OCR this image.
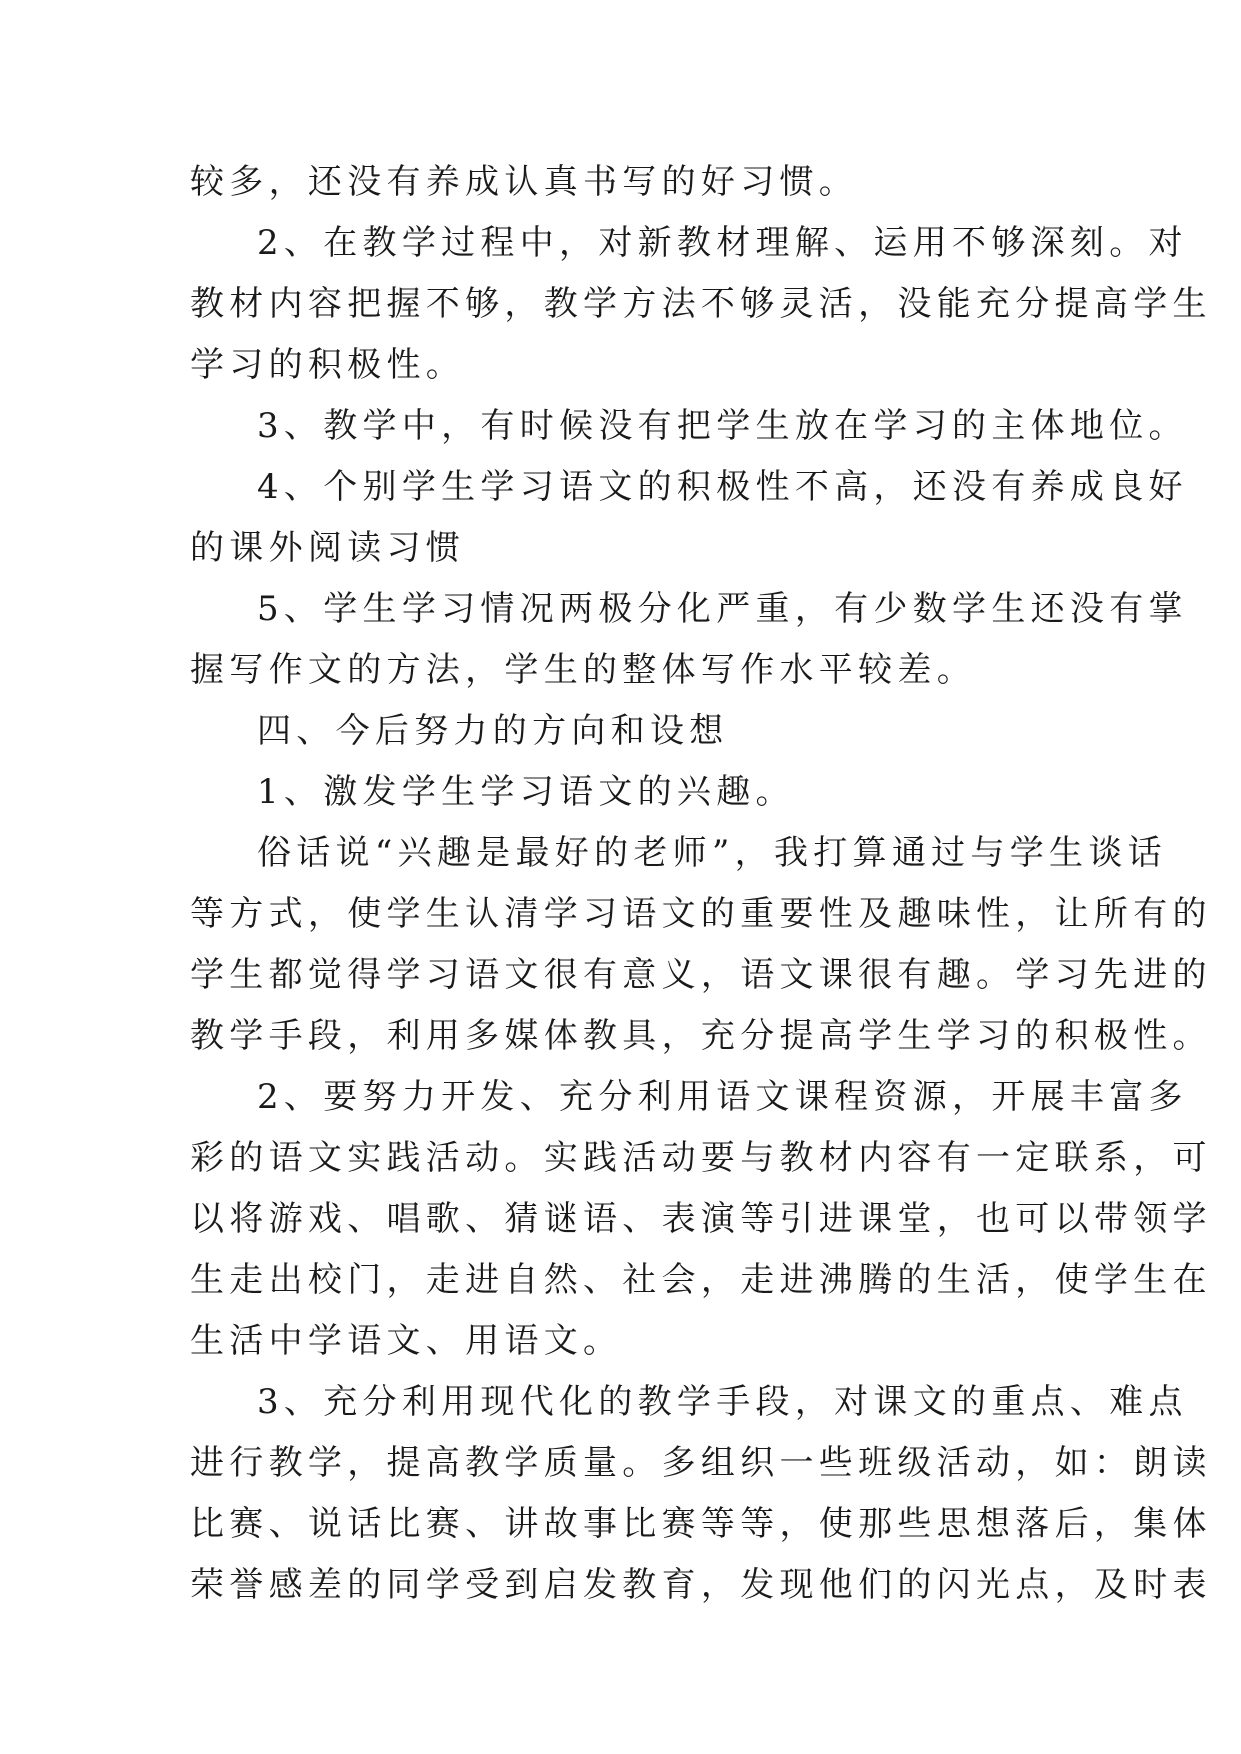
较多，还没有养成认真书写的好习惯。

2、在教学过程中，对新教材理解、运用不够深刻。对

教材内容把握不够，教学方法不够灵活，没能充分提高学生

学习的积极性。

3、教学中，有时候没有把学生放在学习的主体地位。

4、个别学生学习语文的积极性不高，还没有养成良好

的课外阅读习惯

5、学生学习情况两极分化严重，有少数学生还没有掌

握写作文的方法，学生的整体写作水平较差。

四、今后努力的方向和设想

1、激发学生学习语文的兴趣。

俗话说“兴趣是最好的老师”，我打算通过与学生谈话

等方式，使学生认清学习语文的重要性及趣味性，让所有的

学生都觉得学习语文很有意义，语文课很有趣。学习先进的

教学手段，利用多媒体教具，充分提高学生学习的积极性。

2、要努力开发、充分利用语文课程资源，开展丰富多

彩的语文实践活动。实践活动要与教材内容有一定联系，可

以将游戏、唱歌、猜谜语、表演等引进课堂，也可以带领学

生走出校门，走进自然、社会，走进沸腾的生活，使学生在

生活中学语文、用语文。

3、充分利用现代化的教学手段，对课文的重点、难点

进行教学，提高教学质量。多组织一些班级活动，如：朗读

比赛、说话比赛、讲故事比赛等等，使那些思想落后，集体

荣誉感差的同学受到启发教育，发现他们的闪光点，及时表
